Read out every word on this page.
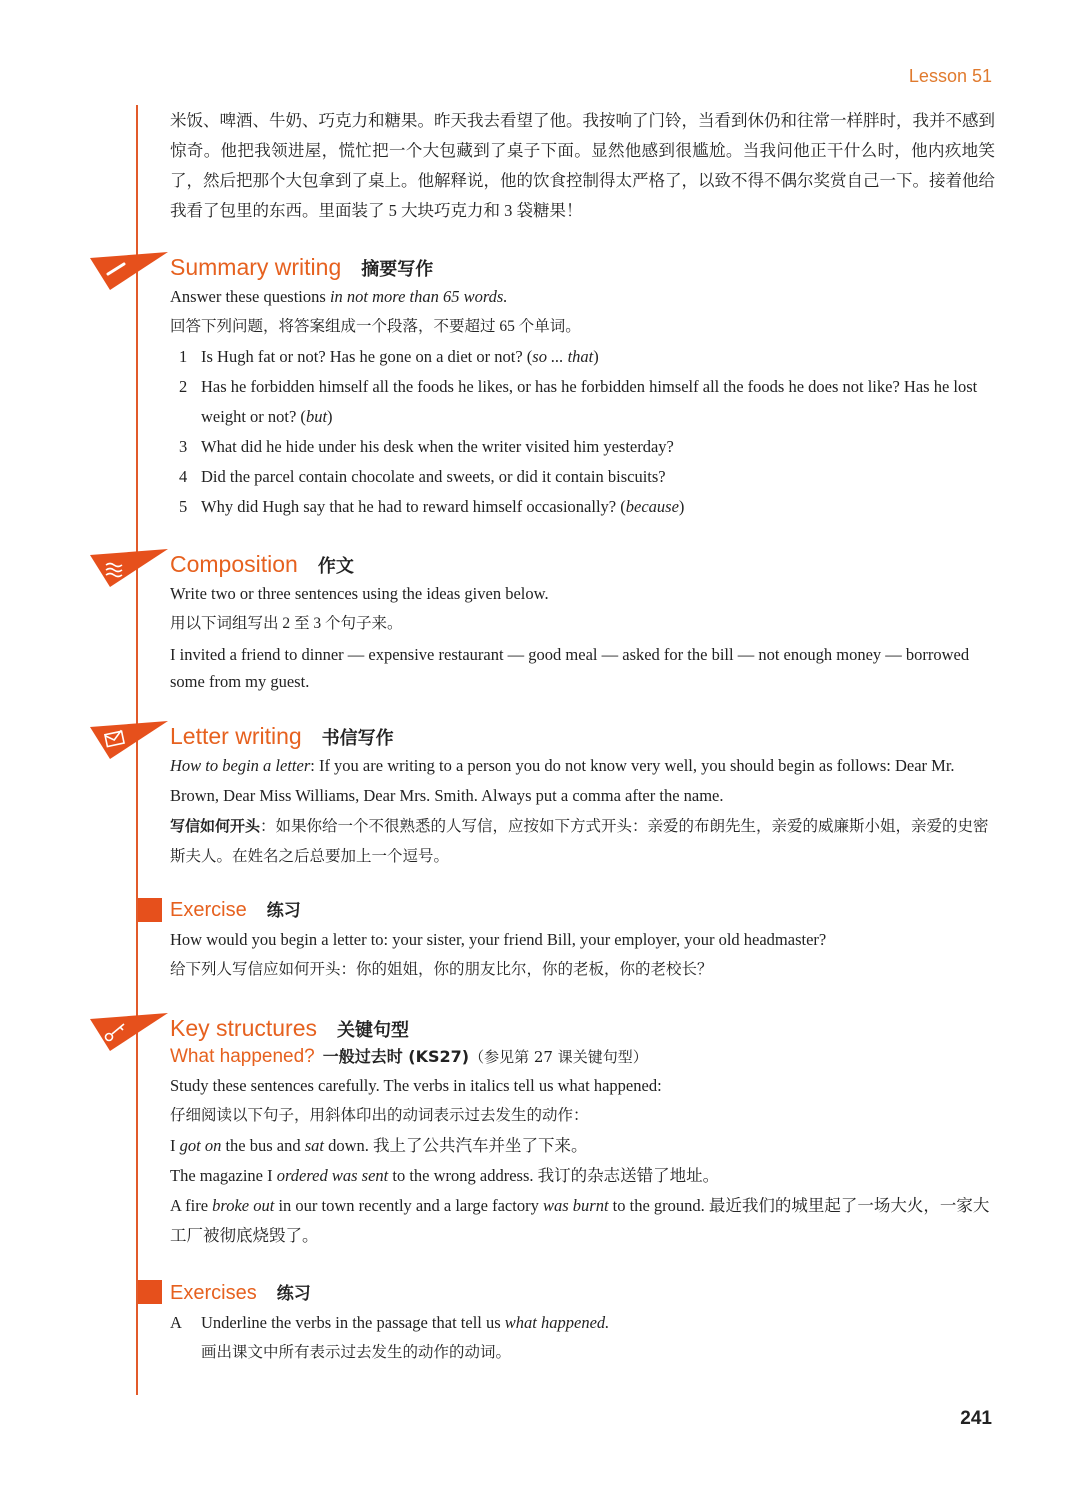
Lesson 51
米饭、啤酒、牛奶、巧克力和糖果。昨天我去看望了他。我按响了门铃，当看到休仍和往常一样胖时，我并不感到惊奇。他把我领进屋，慌忙把一个大包藏到了桌子下面。显然他感到很尴尬。当我问他正干什么时，他内疚地笑了，然后把那个大包拿到了桌上。他解释说，他的饮食控制得太严格了，以致不得不偶尔奖赏自己一下。接着他给我看了包里的东西。里面装了 5 大块巧克力和 3 袋糖果！
Summary writing 摘要写作

Answer these questions in not more than 65 words.

回答下列问题，将答案组成一个段落，不要超过 65 个单词。

1 Is Hugh fat or not? Has he gone on a diet or not? (so ... that)
2 Has he forbidden himself all the foods he likes, or has he forbidden himself all the foods he does not like? Has he lost weight or not? (but)
3 What did he hide under his desk when the writer visited him yesterday?
4 Did the parcel contain chocolate and sweets, or did it contain biscuits?
5 Why did Hugh say that he had to reward himself occasionally? (because)
Composition 作文

Write two or three sentences using the ideas given below.

用以下词组写出 2 至 3 个句子来。

I invited a friend to dinner — expensive restaurant — good meal — asked for the bill — not enough money — borrowed some from my guest.

Letter writing 书信写作

How to begin a letter: If you are writing to a person you do not know very well, you should begin as follows: Dear Mr. Brown, Dear Miss Williams, Dear Mrs. Smith. Always put a comma after the name.

写信如何开头：如果你给一个不很熟悉的人写信，应按如下方式开头：亲爱的布朗先生，亲爱的威廉斯小姐，亲爱的史密斯夫人。在姓名之后总要加上一个逗号。

Exercise 练习

How would you begin a letter to: your sister, your friend Bill, your employer, your old headmaster?

给下列人写信应如何开头：你的姐姐，你的朋友比尔，你的老板，你的老校长？

Key structures 关键句型
What happened? 一般过去时 (KS27)（参见第 27 课关键句型）

Study these sentences carefully. The verbs in italics tell us what happened:

仔细阅读以下句子，用斜体印出的动词表示过去发生的动作：

I got on the bus and sat down. 我上了公共汽车并坐了下来。

The magazine I ordered was sent to the wrong address. 我订的杂志送错了地址。

A fire broke out in our town recently and a large factory was burnt to the ground. 最近我们的城里起了一场大火，一家大工厂被彻底烧毁了。

Exercises 练习
A	Underline the verbs in the passage that tell us what happened.
画出课文中所有表示过去发生的动作的动词。
241
